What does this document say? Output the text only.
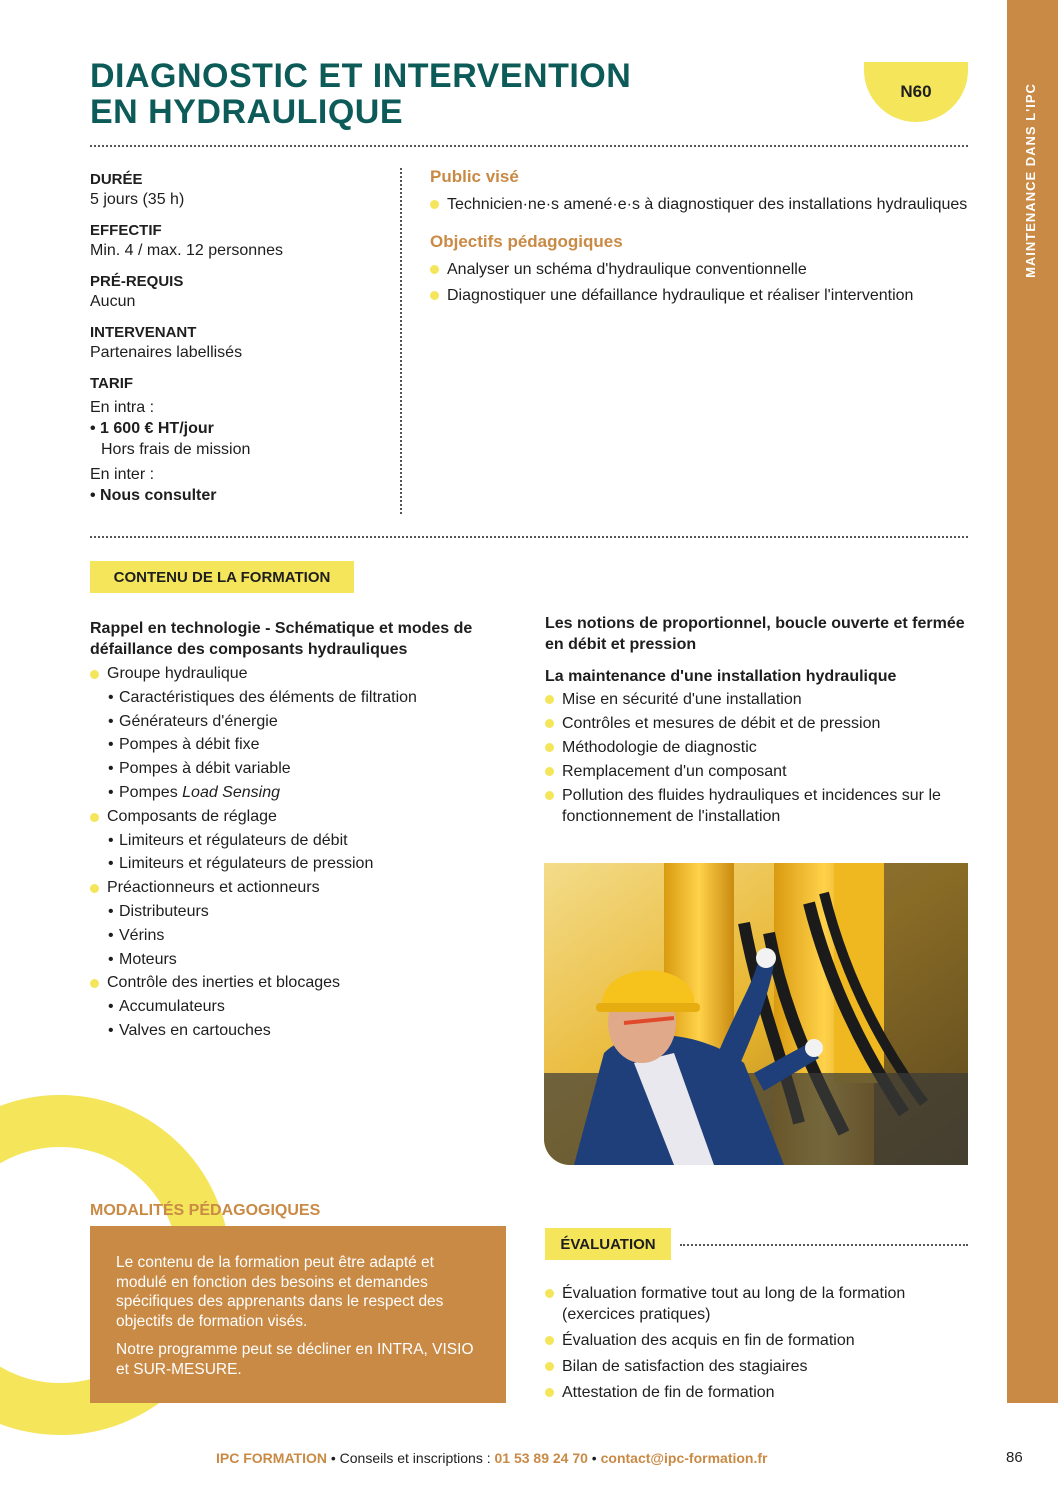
MAINTENANCE DANS L'IPC
DIAGNOSTIC ET INTERVENTION
EN HYDRAULIQUE
N60
DURÉE
5 jours (35 h)
EFFECTIF
Min. 4 / max. 12 personnes
PRÉ-REQUIS
Aucun
INTERVENANT
Partenaires labellisés
TARIF
En intra :
• 1 600 € HT/jour
Hors frais de mission
En inter :
• Nous consulter
Public visé
Technicien·ne·s amené·e·s à diagnostiquer des installations hydrauliques
Objectifs pédagogiques
Analyser un schéma d'hydraulique conventionnelle
Diagnostiquer une défaillance hydraulique et réaliser l'intervention
CONTENU DE LA FORMATION
Rappel en technologie - Schématique et modes de défaillance des composants hydrauliques
Groupe hydraulique
• Caractéristiques des éléments de filtration
• Générateurs d'énergie
• Pompes à débit fixe
• Pompes à débit variable
• Pompes Load Sensing
Composants de réglage
• Limiteurs et régulateurs de débit
• Limiteurs et régulateurs de pression
Préactionneurs et actionneurs
• Distributeurs
• Vérins
• Moteurs
Contrôle des inerties et blocages
• Accumulateurs
• Valves en cartouches
Les notions de proportionnel, boucle ouverte et fermée en débit et pression
La maintenance d'une installation hydraulique
Mise en sécurité d'une installation
Contrôles et mesures de débit et de pression
Méthodologie de diagnostic
Remplacement d'un composant
Pollution des fluides hydrauliques et incidences sur le fonctionnement de l'installation
MODALITÉS PÉDAGOGIQUES

Le contenu de la formation peut être adapté et modulé en fonction des besoins et demandes spécifiques des apprenants dans le respect des objectifs de formation visés.

Notre programme peut se décliner en INTRA, VISIO et SUR-MESURE.

ÉVALUATION
Évaluation formative tout au long de la formation (exercices pratiques)
Évaluation des acquis en fin de formation
Bilan de satisfaction des stagiaires
Attestation de fin de formation
IPC FORMATION • Conseils et inscriptions : 01 53 89 24 70 • contact@ipc-formation.fr	86
